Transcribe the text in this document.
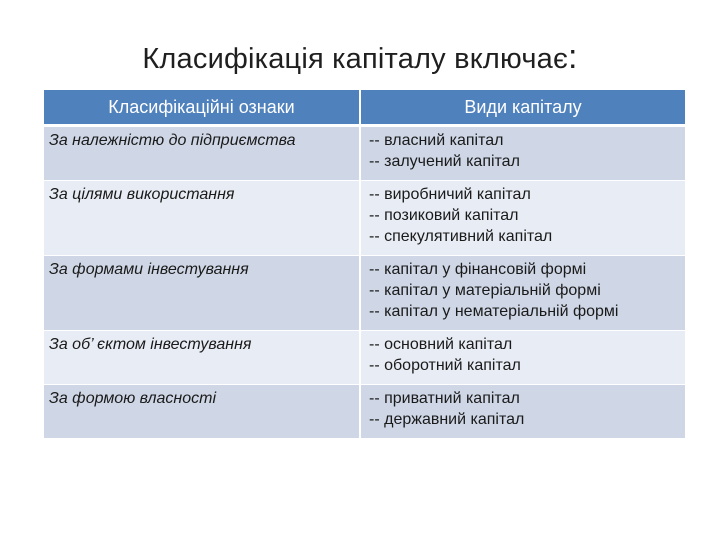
Класифікація капіталу включає:
Класифікаційні ознаки	Види капіталу
За належністю до підприємства	-- власний капітал
-- залучений капітал

За цілями використання	-- виробничий капітал
-- позиковий капітал
-- спекулятивний капітал

За формами інвестування	-- капітал у фінансовій формі
-- капітал у матеріальній формі
-- капітал у нематеріальній формі

За об’ єктом інвестування	-- основний капітал
-- оборотний капітал

За формою власності	-- приватний капітал
-- державний капітал
